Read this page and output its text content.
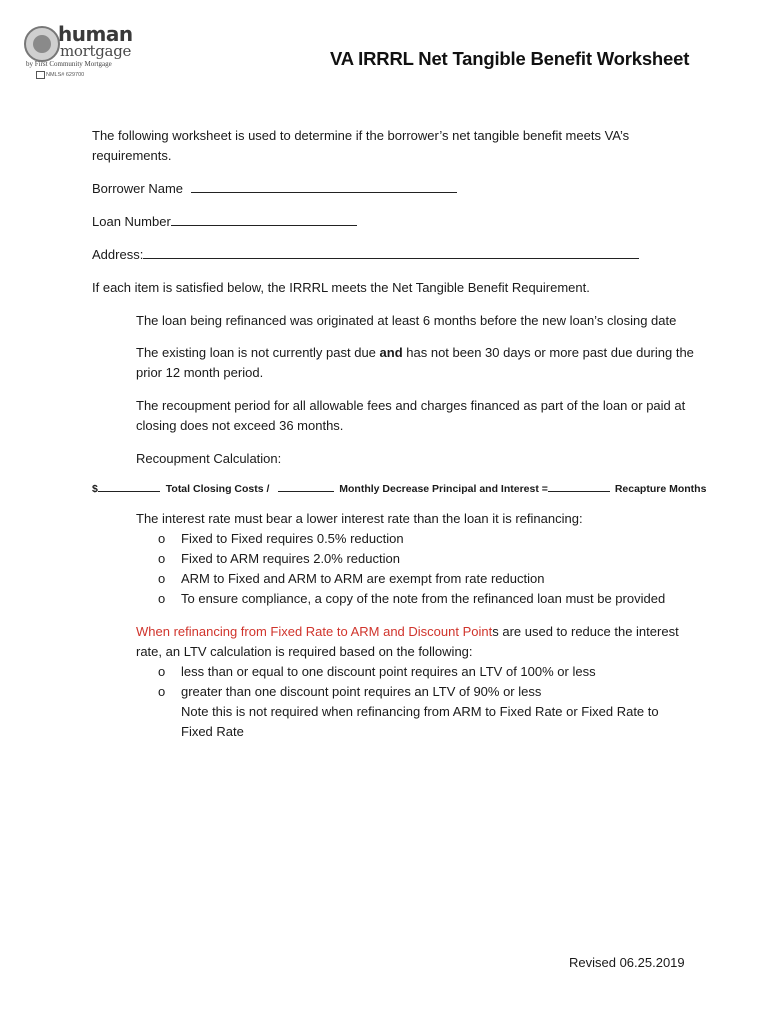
human
mortgage
by First Community Mortgage
NMLS# 629700
VA IRRRL Net Tangible Benefit Worksheet
The following worksheet is used to determine if the borrower’s net tangible benefit meets VA’s
requirements.
Borrower Name
Loan Number
Address:
If each item is satisfied below, the IRRRL meets the Net Tangible Benefit Requirement.
The loan being refinanced was originated at least 6 months before the new loan’s closing date
The existing loan is not currently past due and has not been 30 days or more past due during the
prior 12 month period.
The recoupment period for all allowable fees and charges financed as part of the loan or paid at
closing does not exceed 36 months.
Recoupment Calculation:
$	Total Closing Costs /	Monthly Decrease Principal and Interest =	Recapture Months
The interest rate must bear a lower interest rate than the loan it is refinancing:
o Fixed to Fixed requires 0.5% reduction
o Fixed to ARM requires 2.0% reduction
o ARM to Fixed and ARM to ARM are exempt from rate reduction
o To ensure compliance, a copy of the note from the refinanced loan must be provided
When refinancing from Fixed Rate to ARM and Discount Points are used to reduce the interest
rate, an LTV calculation is required based on the following:
o less than or equal to one discount point requires an LTV of 100% or less
o greater than one discount point requires an LTV of 90% or less
Note this is not required when refinancing from ARM to Fixed Rate or Fixed Rate to
Fixed Rate
Revised 06.25.2019
